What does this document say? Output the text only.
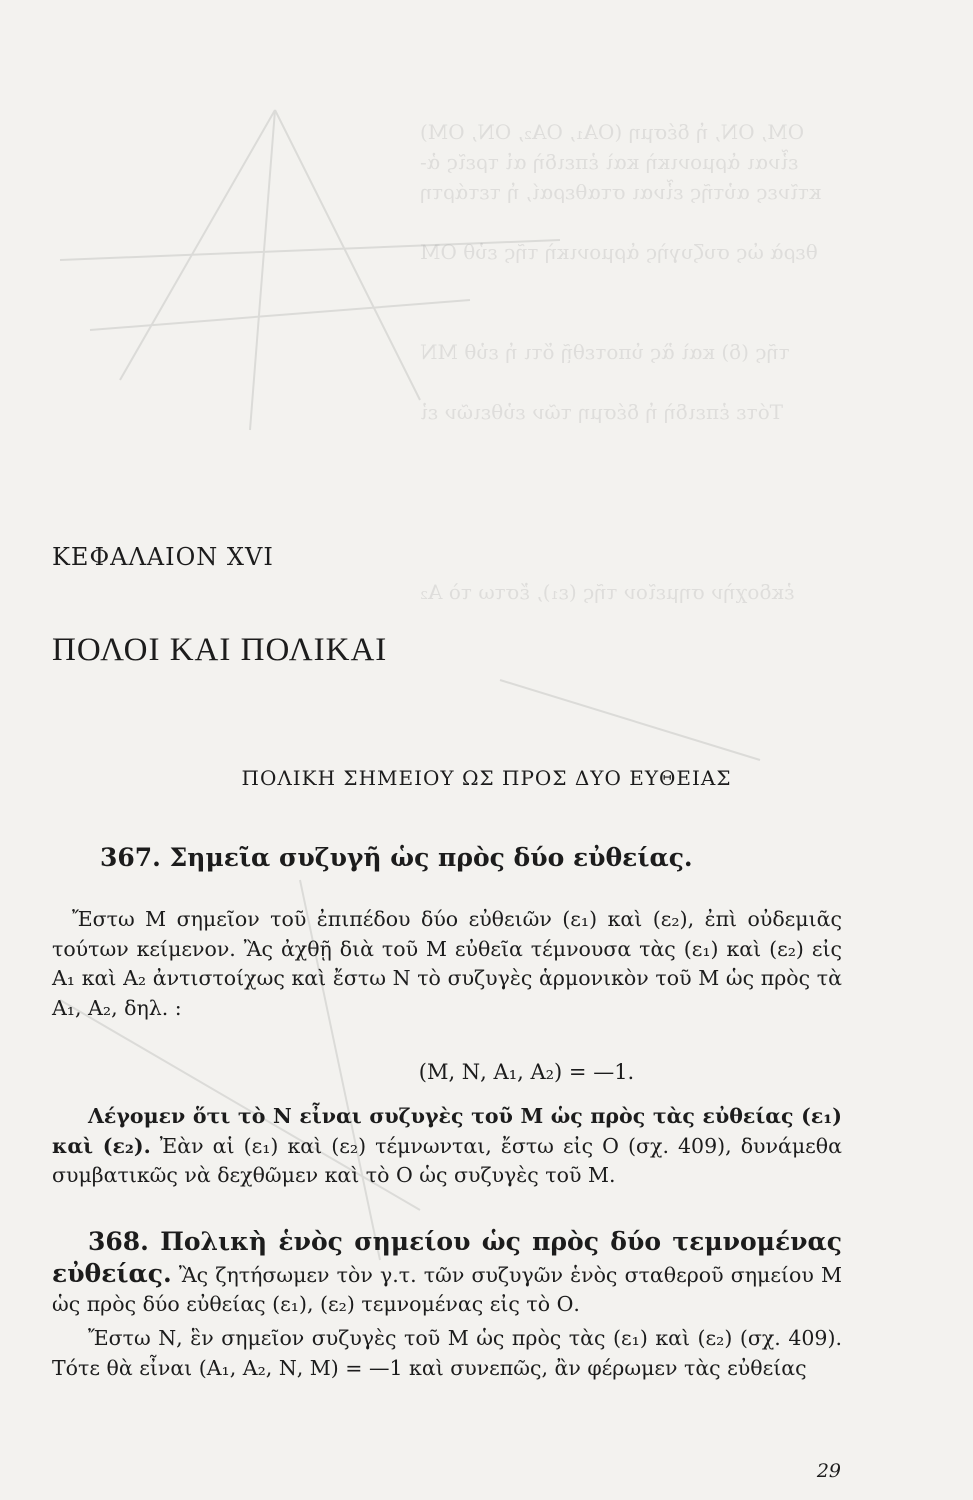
ΟΜ, ΟΝ, ἡ δέσμη (ΟΑ₁, ΟΑ₂, ΟΝ, ΟΜ)
εἶναι ἁρμονικὴ καὶ ἐπειδὴ αἱ τρεῖς ἀ-
κτῖνες αὐτῆς εἶναι σταθεραί, ἡ τετάρτη
θερὰ ὡς συζυγὴς ἁρμονικὴ τῆς εὐθ ΟΜ
τῆς (δ) καὶ ἂς ὑποτεθῇ ὅτι ἡ εὐθ ΜΝ
Τότε ἐπειδὴ ἡ δέσμη τῶν εὐθειῶν εἰ
ἐκδοχὴν σημεῖον τῆς (ε₁), ἔστω τὸ Α₂
ΚΕΦΑΛΑΙΟΝ XVI
ΠΟΛΟΙ ΚΑΙ ΠΟΛΙΚΑΙ
ΠΟΛΙΚΗ ΣΗΜΕΙΟΥ ΩΣ ΠΡΟΣ ΔΥΟ ΕΥΘΕΙΑΣ
367. Σημεῖα συζυγῆ ὡς πρὸς δύο εὐθείας.
Ἔστω Μ σημεῖον τοῦ ἐπιπέδου δύο εὐθειῶν (ε₁) καὶ (ε₂), ἐπὶ οὐδεμιᾶς τούτων κείμενον. Ἂς ἀχθῇ διὰ τοῦ Μ εὐθεῖα τέμνουσα τὰς (ε₁) καὶ (ε₂) εἰς Α₁ καὶ Α₂ ἀντιστοίχως καὶ ἔστω Ν τὸ συζυγὲς ἁρμονικὸν τοῦ Μ ὡς πρὸς τὰ Α₁, Α₂, δηλ. :
(Μ, Ν, Α₁, Α₂) = —1.
Λέγομεν ὅτι τὸ Ν εἶναι συζυγὲς τοῦ Μ ὡς πρὸς τὰς εὐθείας (ε₁) καὶ (ε₂). Ἐὰν αἱ (ε₁) καὶ (ε₂) τέμνωνται, ἔστω εἰς Ο (σχ. 409), δυνάμεθα συμβατικῶς νὰ δεχθῶμεν καὶ τὸ Ο ὡς συζυγὲς τοῦ Μ.
368. Πολικὴ ἑνὸς σημείου ὡς πρὸς δύο τεμνομένας εὐθείας. Ἂς ζητήσωμεν τὸν γ.τ. τῶν συζυγῶν ἑνὸς σταθεροῦ σημείου Μ ὡς πρὸς δύο εὐθείας (ε₁), (ε₂) τεμνομένας εἰς τὸ Ο.
Ἔστω Ν, ἓν σημεῖον συζυγὲς τοῦ Μ ὡς πρὸς τὰς (ε₁) καὶ (ε₂) (σχ. 409). Τότε θὰ εἶναι (Α₁, Α₂, Ν, Μ) = —1 καὶ συνεπῶς, ἂν φέρωμεν τὰς εὐθείας
29
